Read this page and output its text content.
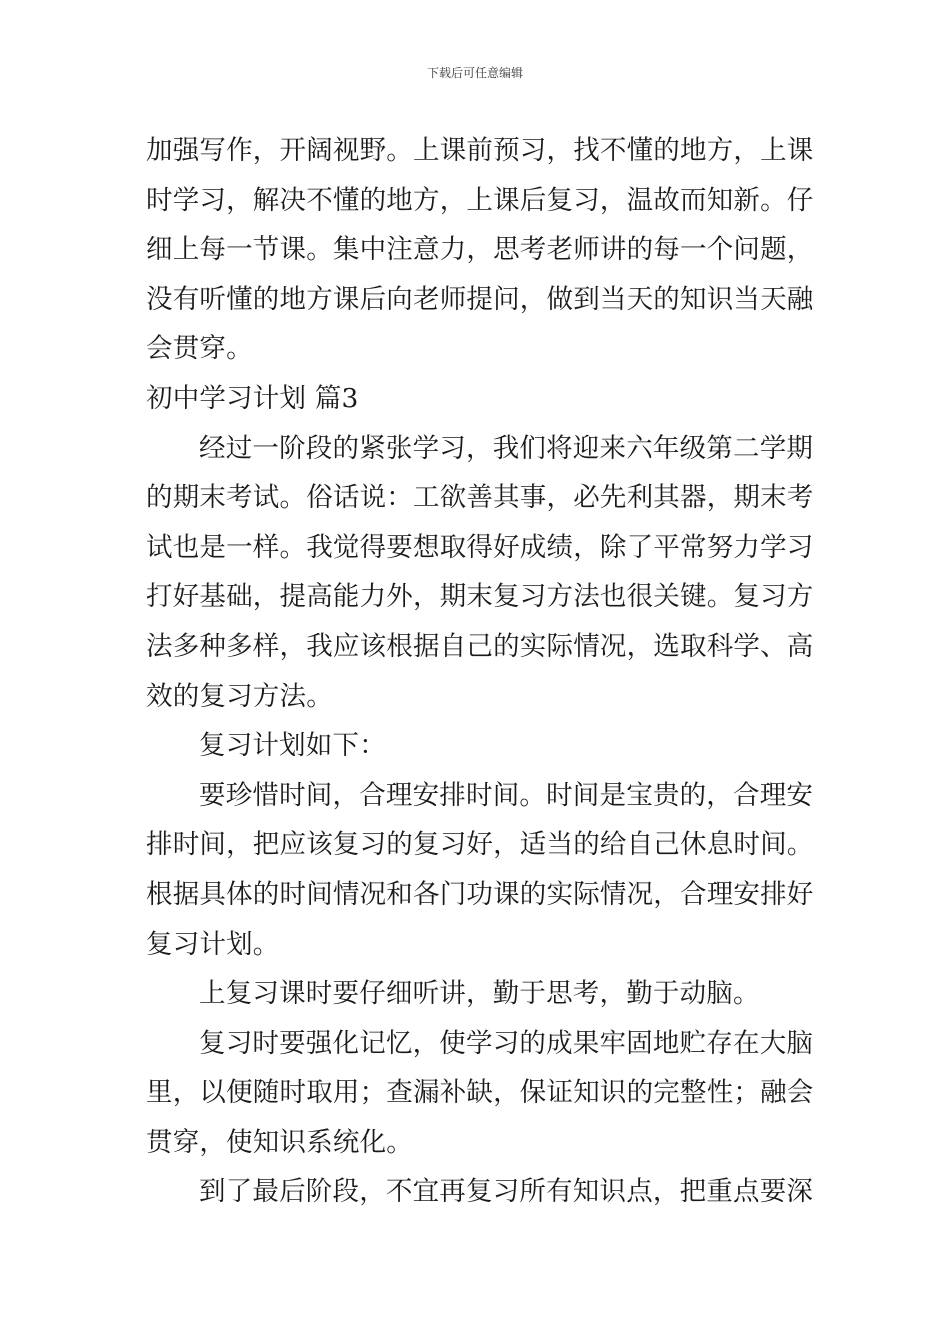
下载后可任意编辑
加强写作，开阔视野。上课前预习，找不懂的地方，上课
时学习，解决不懂的地方，上课后复习，温故而知新。仔
细上每一节课。集中注意力，思考老师讲的每一个问题，
没有听懂的地方课后向老师提问，做到当天的知识当天融
会贯穿。
初中学习计划 篇3
经过一阶段的紧张学习，我们将迎来六年级第二学期
的期末考试。俗话说：工欲善其事，必先利其器，期末考
试也是一样。我觉得要想取得好成绩，除了平常努力学习
打好基础，提高能力外，期末复习方法也很关键。复习方
法多种多样，我应该根据自己的实际情况，选取科学、高
效的复习方法。
复习计划如下：
要珍惜时间，合理安排时间。时间是宝贵的，合理安
排时间，把应该复习的复习好，适当的给自己休息时间。
根据具体的时间情况和各门功课的实际情况，合理安排好
复习计划。
上复习课时要仔细听讲，勤于思考，勤于动脑。
复习时要强化记忆，使学习的成果牢固地贮存在大脑
里，以便随时取用；查漏补缺，保证知识的完整性；融会
贯穿，使知识系统化。
到了最后阶段，不宜再复习所有知识点，把重点要深
